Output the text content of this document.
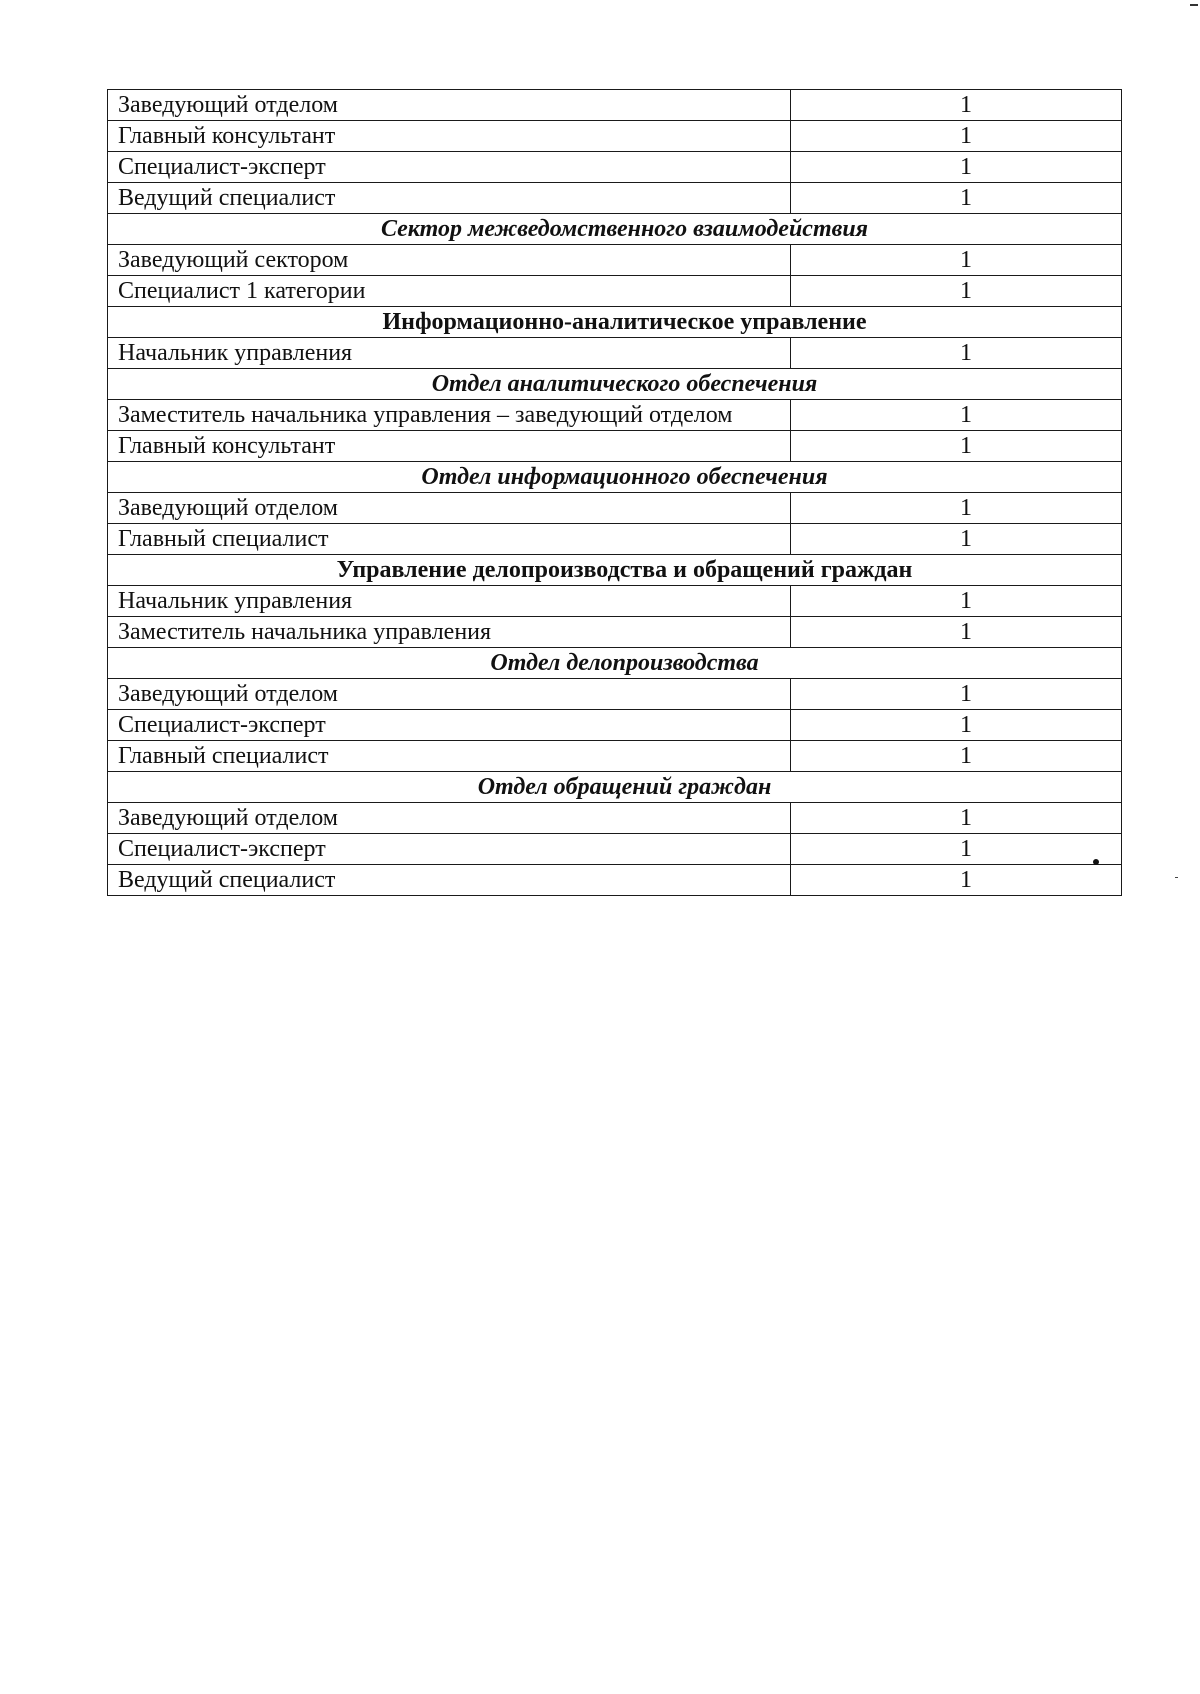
Заведующий отделом	1
Главный консультант	1
Специалист-эксперт	1
Ведущий специалист	1
Сектор межведомственного взаимодействия	
Заведующий сектором	1
Специалист 1 категории	1
Информационно-аналитическое управление	
Начальник управления	1
Отдел аналитического обеспечения	
Заместитель начальника управления – заведующий отделом	1
Главный консультант	1
Отдел информационного обеспечения	
Заведующий отделом	1
Главный специалист	1
Управление делопроизводства и обращений граждан	
Начальник управления	1
Заместитель начальника управления	1
Отдел делопроизводства	
Заведующий отделом	1
Специалист-эксперт	1
Главный специалист	1
Отдел обращений граждан	
Заведующий отделом	1
Специалист-эксперт	1
Ведущий специалист	1
